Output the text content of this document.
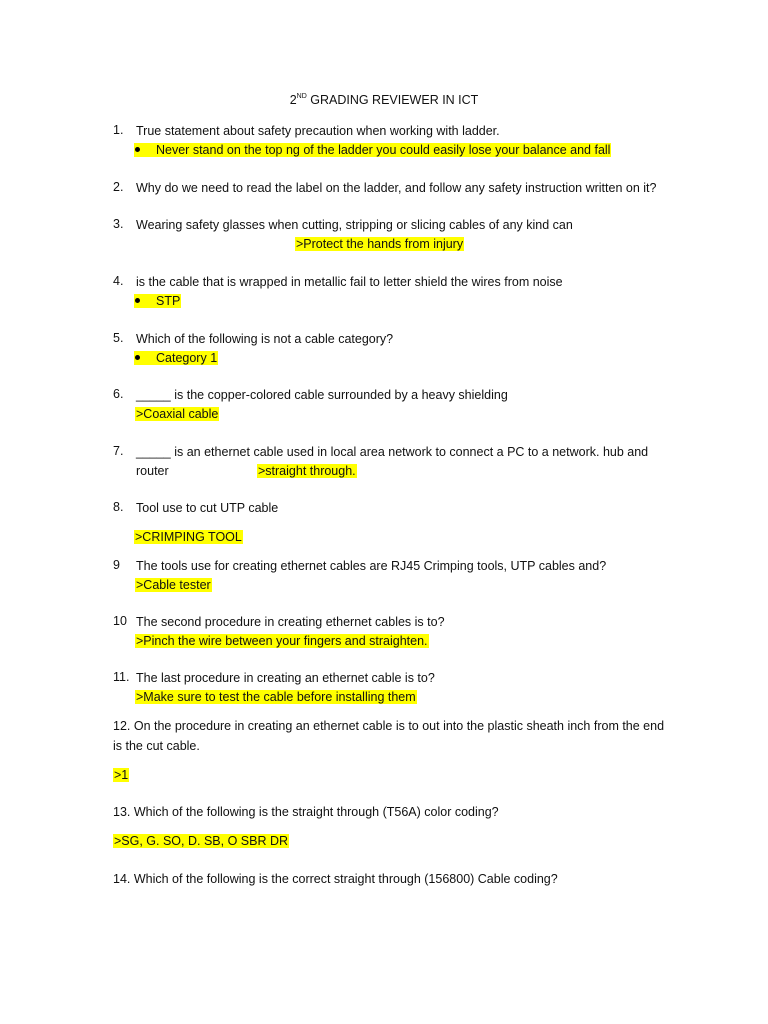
2ND GRADING REVIEWER IN ICT
1. True statement about safety precaution when working with ladder.
Never stand on the top ng of the ladder you could easily lose your balance and fall
2. Why do we need to read the label on the ladder, and follow any safety instruction written on it?
3. Wearing safety glasses when cutting, stripping or slicing cables of any kind can
>Protect the hands from injury
4. is the cable that is wrapped in metallic fail to letter shield the wires from noise
STP
5. Which of the following is not a cable category?
Category 1
6. _____ is the copper-colored cable surrounded by a heavy shielding
>Coaxial cable
7. _____ is an ethernet cable used in local area network to connect a PC to a network. hub and
router	>straight through.
8. Tool use to cut UTP cable
>CRIMPING TOOL
9 The tools use for creating ethernet cables are RJ45 Crimping tools, UTP cables and?
>Cable tester
10 The second procedure in creating ethernet cables is to?
>Pinch the wire between your fingers and straighten.
11. The last procedure in creating an ethernet cable is to?
>Make sure to test the cable before installing them
12. On the procedure in creating an ethernet cable is to out into the plastic sheath inch from the end
is the cut cable.
>1
13. Which of the following is the straight through (T56A) color coding?
>SG, G. SO, D. SB, O SBR DR
14. Which of the following is the correct straight through (156800) Cable coding?
